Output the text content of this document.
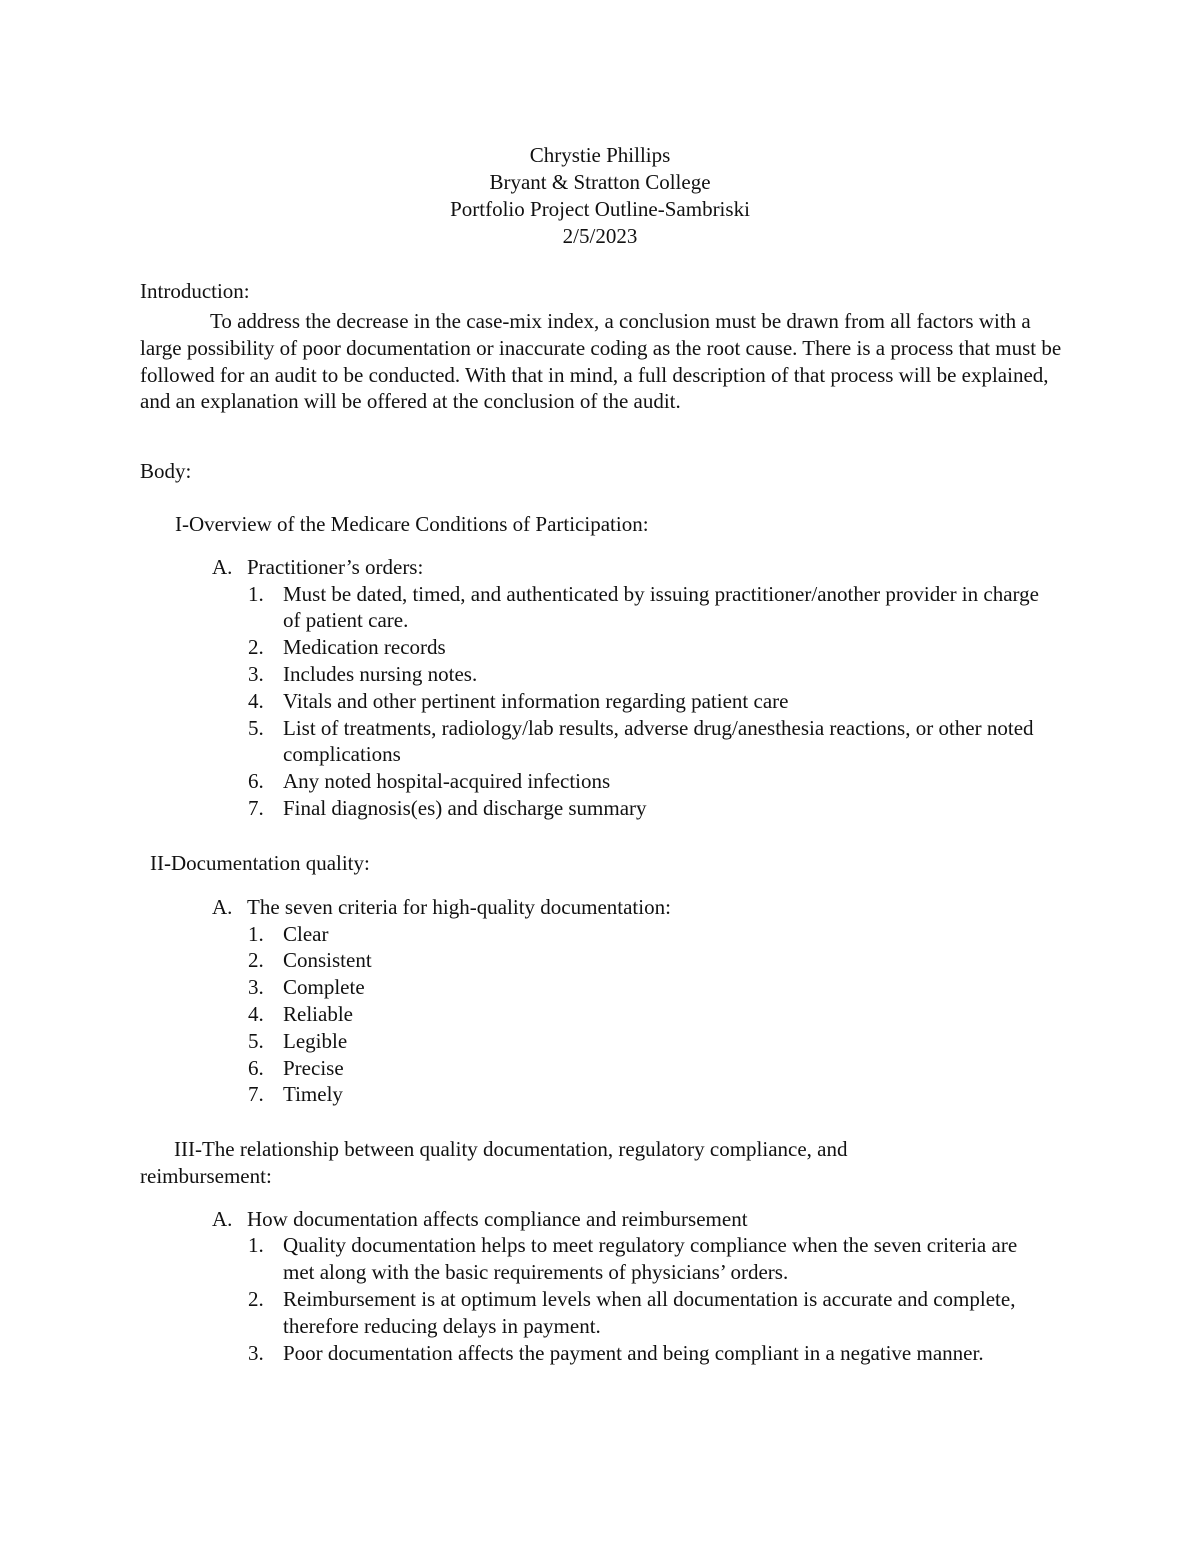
Chrystie Phillips
Bryant & Stratton College
Portfolio Project Outline-Sambriski
2/5/2023
Introduction:
To address the decrease in the case-mix index, a conclusion must be drawn from all factors with a large possibility of poor documentation or inaccurate coding as the root cause. There is a process that must be followed for an audit to be conducted. With that in mind, a full description of that process will be explained, and an explanation will be offered at the conclusion of the audit.
Body:
I-Overview of the Medicare Conditions of Participation:
A. Practitioner’s orders:
1. Must be dated, timed, and authenticated by issuing practitioner/another provider in charge of patient care.
2. Medication records
3. Includes nursing notes.
4. Vitals and other pertinent information regarding patient care
5. List of treatments, radiology/lab results, adverse drug/anesthesia reactions, or other noted complications
6. Any noted hospital-acquired infections
7. Final diagnosis(es) and discharge summary
II-Documentation quality:
A. The seven criteria for high-quality documentation:
1. Clear
2. Consistent
3. Complete
4. Reliable
5. Legible
6. Precise
7. Timely
III-The relationship between quality documentation, regulatory compliance, and reimbursement:
A. How documentation affects compliance and reimbursement
1. Quality documentation helps to meet regulatory compliance when the seven criteria are met along with the basic requirements of physicians’ orders.
2. Reimbursement is at optimum levels when all documentation is accurate and complete, therefore reducing delays in payment.
3. Poor documentation affects the payment and being compliant in a negative manner.
